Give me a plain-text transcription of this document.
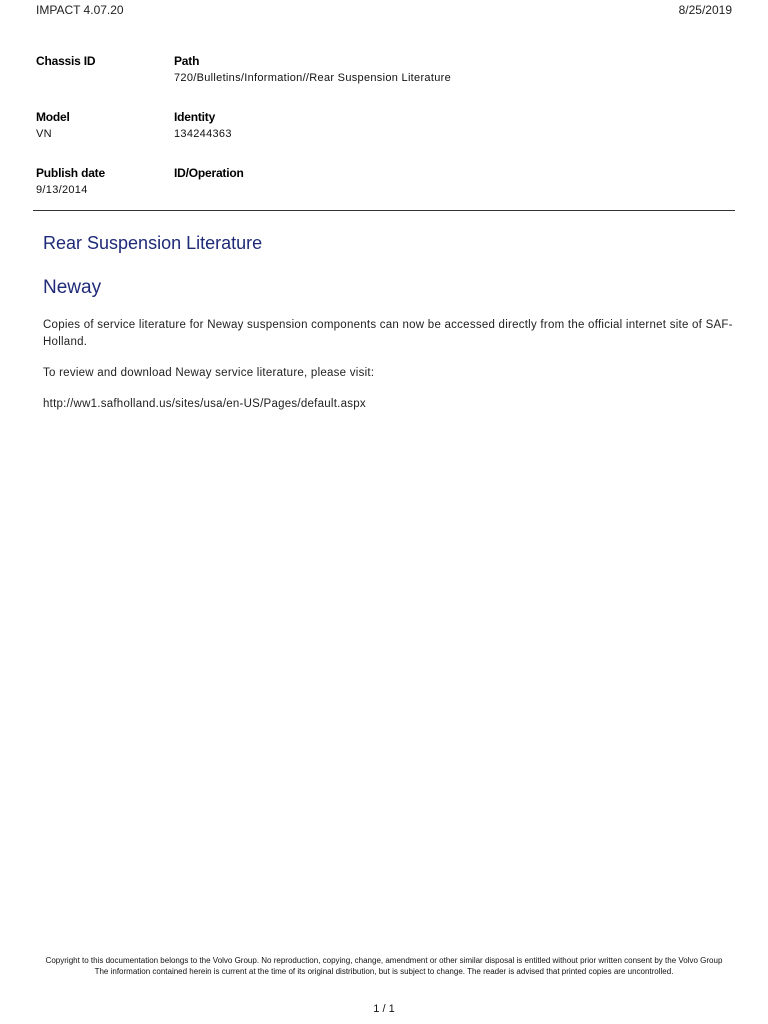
IMPACT 4.07.20	8/25/2019
Chassis ID	Path
720/Bulletins/Information//Rear Suspension Literature
Model
VN
Identity
134244363
Publish date
9/13/2014
ID/Operation
Rear Suspension Literature
Neway
Copies of service literature for Neway suspension components can now be accessed directly from the official internet site of SAF-Holland.
To review and download Neway service literature, please visit:
http://ww1.safholland.us/sites/usa/en-US/Pages/default.aspx
Copyright to this documentation belongs to the Volvo Group. No reproduction, copying, change, amendment or other similar disposal is entitled without prior written consent by the Volvo Group
The information contained herein is current at the time of its original distribution, but is subject to change. The reader is advised that printed copies are uncontrolled.
1 / 1
